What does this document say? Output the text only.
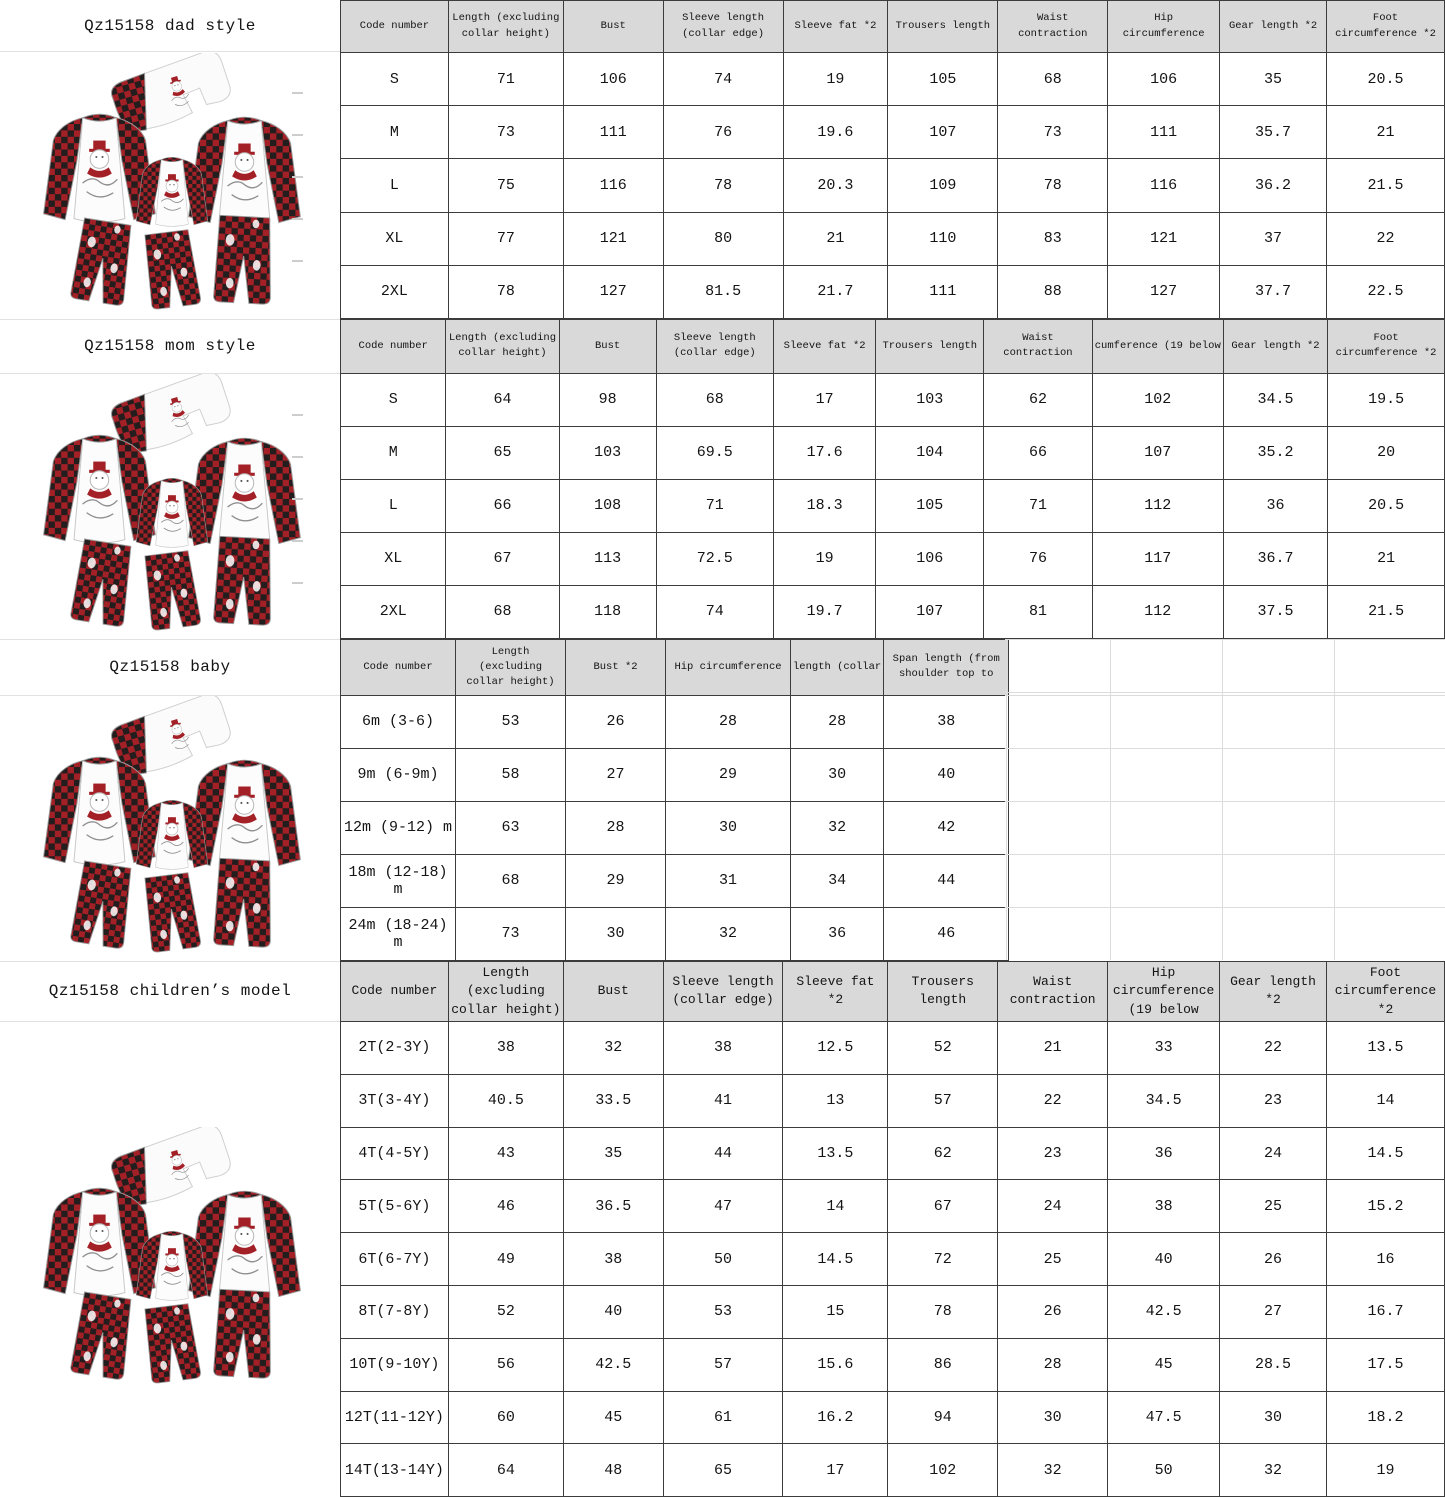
Qz15158 dad style	Code number	Length (excluding collar height)	Bust	Sleeve length (collar edge)	Sleeve fat *2	Trousers length	Waist contraction	Hip circumference	Gear length *2	Foot circumference *2
S	71	106	74	19	105	68	106	35	20.5
M	73	111	76	19.6	107	73	111	35.7	21
L	75	116	78	20.3	109	78	116	36.2	21.5
XL	77	121	80	21	110	83	121	37	22
2XL	78	127	81.5	21.7	111	88	127	37.7	22.5
Qz15158 mom style	Code number	Length (excluding collar height)	Bust	Sleeve length (collar edge)	Sleeve fat *2	Trousers length	Waist contraction	cumference (19 below	Gear length *2	Foot circumference *2
S	64	98	68	17	103	62	102	34.5	19.5
M	65	103	69.5	17.6	104	66	107	35.2	20
L	66	108	71	18.3	105	71	112	36	20.5
XL	67	113	72.5	19	106	76	117	36.7	21
2XL	68	118	74	19.7	107	81	112	37.5	21.5
Qz15158 baby	Code number	Length (excluding collar height)	Bust *2	Hip circumference	length (collar	Span length (from shoulder top to
6m (3-6)	53	26	28	28	38
9m (6-9m)	58	27	29	30	40
12m (9-12) m	63	28	30	32	42
18m (12-18) m	68	29	31	34	44
24m (18-24) m	73	30	32	36	46
Qz15158 children’s model	Code number	Length (excluding collar height)	Bust	Sleeve length (collar edge)	Sleeve fat *2	Trousers length	Waist contraction	Hip circumference (19 below	Gear length *2	Foot circumference *2
2T(2-3Y)	38	32	38	12.5	52	21	33	22	13.5
3T(3-4Y)	40.5	33.5	41	13	57	22	34.5	23	14
4T(4-5Y)	43	35	44	13.5	62	23	36	24	14.5
5T(5-6Y)	46	36.5	47	14	67	24	38	25	15.2
6T(6-7Y)	49	38	50	14.5	72	25	40	26	16
8T(7-8Y)	52	40	53	15	78	26	42.5	27	16.7
10T(9-10Y)	56	42.5	57	15.6	86	28	45	28.5	17.5
12T(11-12Y)	60	45	61	16.2	94	30	47.5	30	18.2
14T(13-14Y)	64	48	65	17	102	32	50	32	19
